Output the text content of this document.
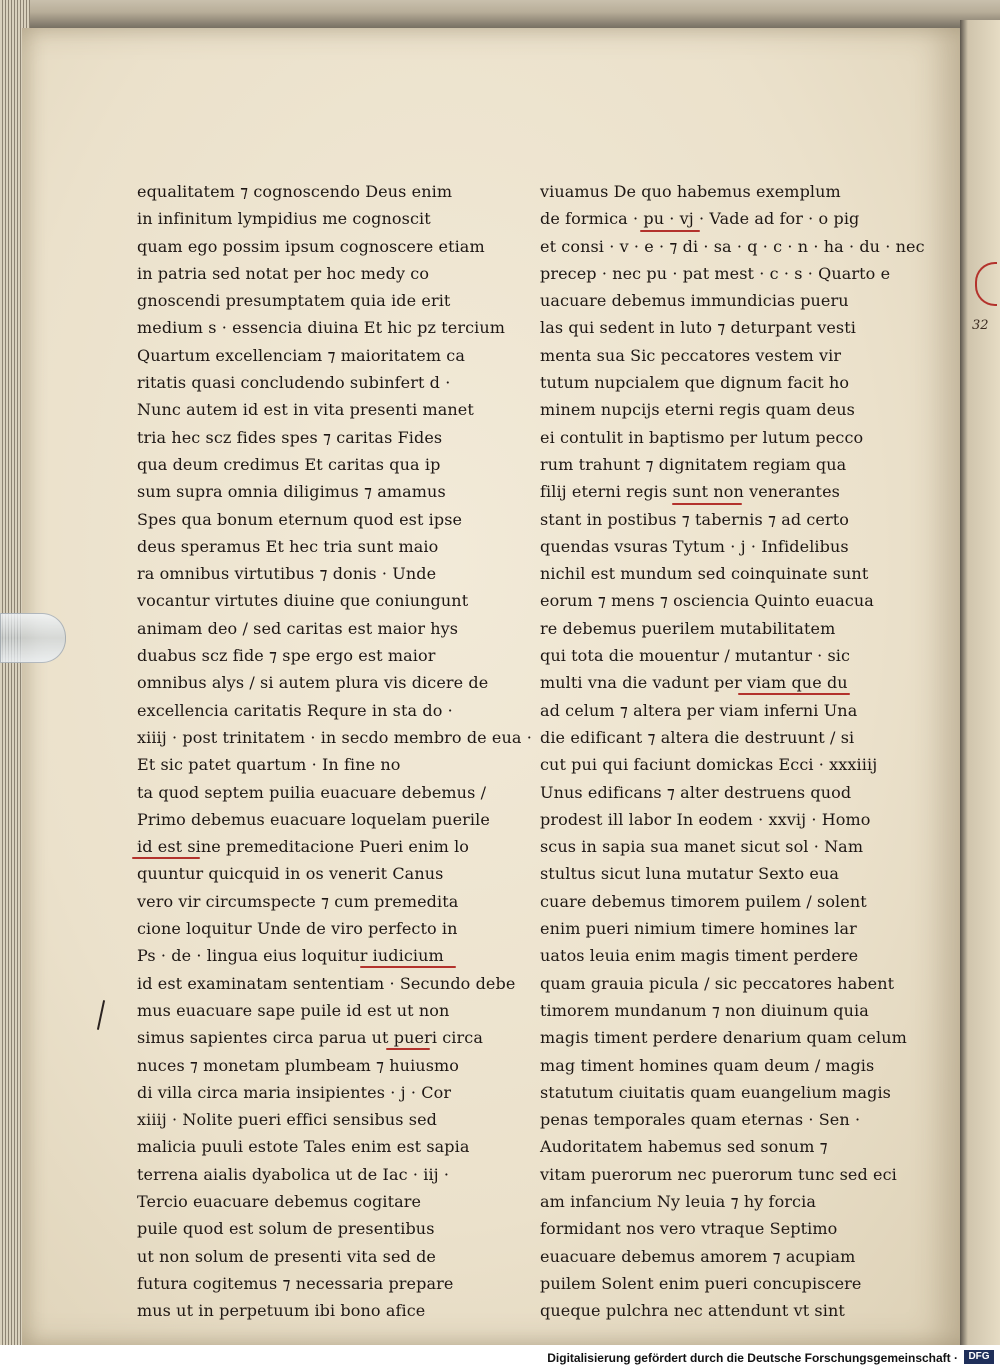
32
equalitatem ⁊ cognoscendo Deus enim
in infinitum lympidius me cognoscit
quam ego possim ipsum cognoscere etiam
in patria sed notat per hoc medy co
gnoscendi presumptatem quia ide erit
medium s · essencia diuina Et hic pz tercium
Quartum excellenciam ⁊ maioritatem ca
ritatis quasi concludendo subinfert d ·
Nunc autem id est in vita presenti manet
tria hec scz fides spes ⁊ caritas Fides
qua deum credimus Et caritas qua ip
sum supra omnia diligimus ⁊ amamus
Spes qua bonum eternum quod est ipse
deus speramus Et hec tria sunt maio
ra omnibus virtutibus ⁊ donis · Unde
vocantur virtutes diuine que coniungunt
animam deo / sed caritas est maior hys
duabus scz fide ⁊ spe ergo est maior
omnibus alys / si autem plura vis dicere de
excellencia caritatis Requre in sta do ·
xiiij · post trinitatem · in secdo membro de eua ·
Et sic patet quartum · In fine no
ta quod septem puilia euacuare debemus /
Primo debemus euacuare loquelam puerile
id est sine premeditacione Pueri enim lo
quuntur quicquid in os venerit Canus
vero vir circumspecte ⁊ cum premedita
cione loquitur Unde de viro perfecto in
Ps · de · lingua eius loquitur iudicium
id est examinatam sententiam · Secundo debe
mus euacuare sape puile id est ut non
simus sapientes circa parua ut pueri circa
nuces ⁊ monetam plumbeam ⁊ huiusmo
di villa circa maria insipientes · j · Cor
xiiij · Nolite pueri effici sensibus sed
malicia puuli estote Tales enim est sapia
terrena aialis dyabolica ut de Iac · iij ·
Tercio euacuare debemus cogitare
puile quod est solum de presentibus
ut non solum de presenti vita sed de
futura cogitemus ⁊ necessaria prepare
mus ut in perpetuum ibi bono afice
viuamus De quo habemus exemplum
de formica · pu · vj · Vade ad for · o pig
et consi · v · e · ⁊ di · sa · q · c · n · ha · du · nec
precep · nec pu · pat mest · c · s · Quarto e
uacuare debemus immundicias pueru
las qui sedent in luto ⁊ deturpant vesti
menta sua Sic peccatores vestem vir
tutum nupcialem que dignum facit ho
minem nupcijs eterni regis quam deus
ei contulit in baptismo per lutum pecco
rum trahunt ⁊ dignitatem regiam qua
filij eterni regis sunt non venerantes
stant in postibus ⁊ tabernis ⁊ ad certo
quendas vsuras Tytum · j · Infidelibus
nichil est mundum sed coinquinate sunt
eorum ⁊ mens ⁊ osciencia Quinto euacua
re debemus puerilem mutabilitatem
qui tota die mouentur / mutantur · sic
multi vna die vadunt per viam que du
ad celum ⁊ altera per viam inferni Una
die edificant ⁊ altera die destruunt / si
cut pui qui faciunt domickas Ecci · xxxiiij
Unus edificans ⁊ alter destruens quod
prodest ill labor In eodem · xxvij · Homo
scus in sapia sua manet sicut sol · Nam
stultus sicut luna mutatur Sexto eua
cuare debemus timorem puilem / solent
enim pueri nimium timere homines lar
uatos leuia enim magis timent perdere
quam grauia picula / sic peccatores habent
timorem mundanum ⁊ non diuinum quia
magis timent perdere denarium quam celum
mag timent homines quam deum / magis
statutum ciuitatis quam euangelium magis
penas temporales quam eternas · Sen ·
Audoritatem habemus sed sonum ⁊
vitam puerorum nec puerorum tunc sed eci
am infancium Ny leuia ⁊ hy forcia
formidant nos vero vtraque Septimo
euacuare debemus amorem ⁊ acupiam
puilem Solent enim pueri concupiscere
queque pulchra nec attendunt vt sint
Digitalisierung gefördert durch die Deutsche Forschungsgemeinschaft ·	DFG
